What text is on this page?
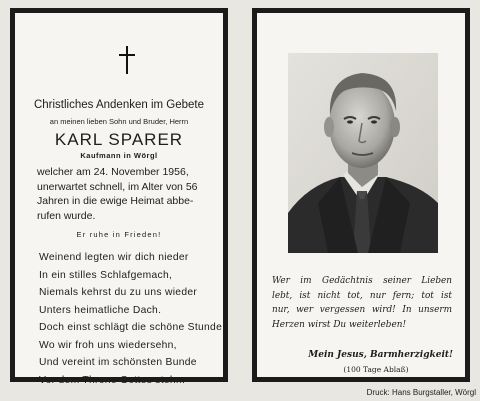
Christliches Andenken im Gebete
an meinen lieben Sohn und Bruder, Herrn
KARL SPARER
Kaufmann in Wörgl
welcher am 24. November 1956,
unerwartet schnell, im Alter von 56
Jahren in die ewige Heimat abbe-
rufen wurde.
Er ruhe in Frieden!
Weinend legten wir dich nieder
In ein stilles Schlafgemach,
Niemals kehrst du zu uns wieder
Unters heimatliche Dach.
Doch einst schlägt die schöne Stunde,
Wo wir froh uns wiedersehn,
Und vereint im schönsten Bunde
Vor dem Throne Gottes stehn.
Wer im Gedächtnis seiner Lieben
lebt, ist nicht tot, nur fern; tot ist
nur, wer vergessen wird! In unserm
Herzen wirst Du weiterleben!
Mein Jesus, Barmherzigkeit!
(100 Tage Ablaß)
Druck: Hans Burgstaller, Wörgl
